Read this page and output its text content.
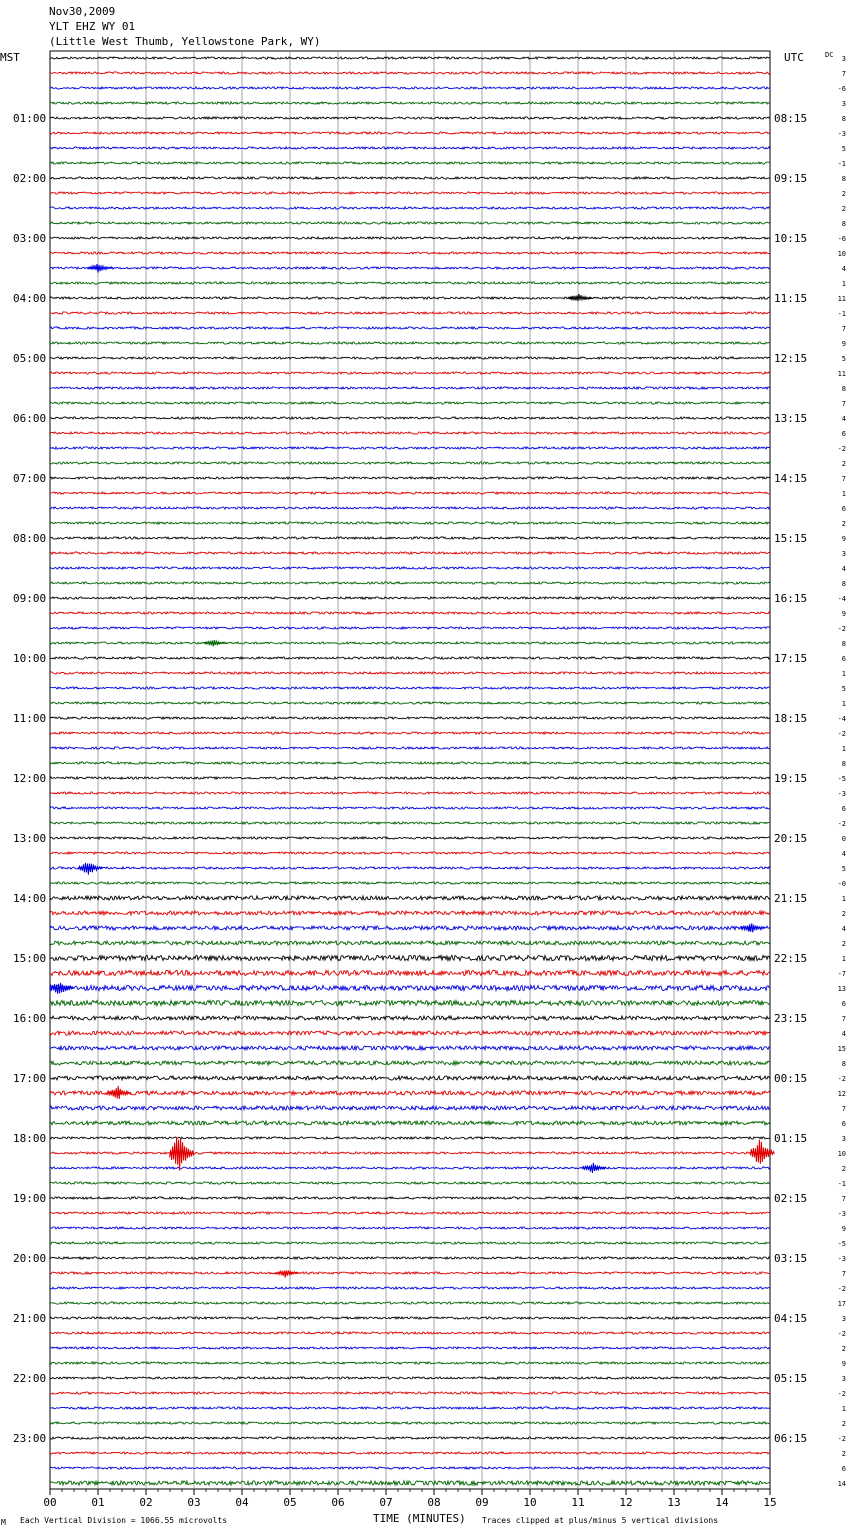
Nov30,2009
YLT EHZ WY 01
(Little West Thumb, Yellowstone Park, WY)
MST	UTC	DC
01:00
02:00
03:00
04:00
05:00
06:00
07:00
08:00
09:00
10:00
11:00
12:00
13:00
14:00
15:00
16:00
17:00
18:00
19:00
20:00
21:00
22:00
23:00
08:15
09:15
10:15
11:15
12:15
13:15
14:15
15:15
16:15
17:15
18:15
19:15
20:15
21:15
22:15
23:15
00:15
01:15
02:15
03:15
04:15
05:15
06:15
3
7
-6
3
8
-3
5
-1
8
2
2
8
-6
10
4
1
11
-1
7
9
5
11
8
7
4
6
-2
2
7
1
6
2
9
3
4
8
-4
9
-2
8
6
1
5
1
-4
-2
1
8
-5
-3
6
-2
0
4
5
-0
1
2
4
2
1
-7
13
6
7
4
15
8
-2
12
7
6
3
10
2
-1
7
-3
9
-5
-3
7
-2
17
3
-2
2
9
3
-2
1
2
-2
2
6
14
00	01	02	03	04	05	06	07	08	09	10	11	12	13	14	15
TIME (MINUTES)
Each Vertical Division = 1066.55 microvolts	Traces clipped at plus/minus 5 vertical divisions
M
